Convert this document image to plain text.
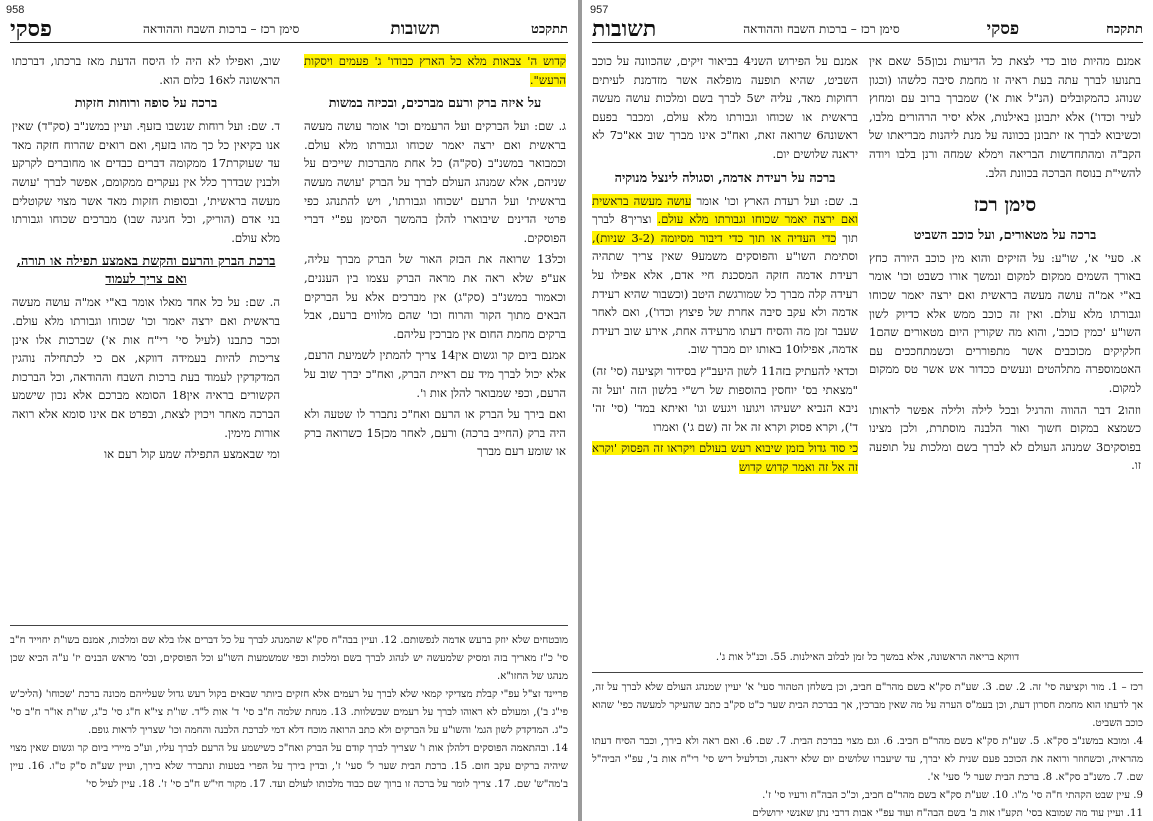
958
תתקכט
תשובות
סימן רכז – ברכות השבח וההודאה
פסקי

קדוש ה' צבאות מלא כל הארץ כבודו' ג' פעמים ויסקות הרעש".

על איזה ברק ורעם מברכים, ובכיזה במשות

ג. שם: ועל הברקים ועל הרעמים וכו' אומר עושה מעשה בראשית ואם ירצה יאמר שכוחו וגבורתו מלא עולם. וכמבואר במשנ"ב (סק"ה) כל אחת מהברכות שייכים על שניהם, אלא שמנהג העולם לברך על הברק 'עושה מעשה בראשית' ועל הרעם 'שכוחו וגבורתו', ויש להתנהג כפי פרטי הדינים שיבוארו להלן בהמשך הסימן עפ"י דברי הפוסקים.

וכל13 שרואה את הבזק האור של הברק מברך עליה, אע"פ שלא ראה את מראה הברק עצמו בין העננים, וכאמור במשנ"ב (סק"ג) אין מברכים אלא על הברקים הבאים מתוך הקור והרוח וכו' שהם מלווים ברעם, אבל ברקים מחמת החום אין מברכין עליהם.

אמנם ביום קר וגשום אין14 צריך להמתין לשמיעת הרעם, אלא יכול לברך מיד עם ראיית הברק, ואח"כ יברך שוב על הרעם, וכפי שמבואר להלן אות ו'.

ואם בירך על הברק או הרעם ואח"כ נתברר לו שטעה ולא היה ברק (החייב ברכה) ורעם, לאחר מכן15 כשרואה ברק או שומע רעם מברך

שוב, ואפילו לא היה לו היסח הדעת מאז ברכתו, דברכתו הראשונה לא16 כלום הוא.

ברכה על סופה ורוחות חזקות

ד. שם: ועל רוחות שנשבו בזעף. ועיין במשנ"ב (סק"ד) שאין אנו בקיאין כל כך מהו בזעף, ואם רואים שהרוח חזקה מאד עד שעוקרת17 ממקומה דברים כבדים או מחוברים לקרקע ולבנין שבדרך כלל אין נעקרים ממקומם, אפשר לברך 'עושה מעשה בראשית', ובסופות חזקות מאד אשר מצוי שקוטלים בני אדם (הוריק, וכל חגיגה שבו) מברכים שכוחו וגבורתו מלא עולם.

ברכת הברק והרעם והקשת באמצע תפילה או תורה, ואם צריך לעמוד

ה. שם: על כל אחד מאלו אומר בא"י אמ"ה עושה מעשה בראשית ואם ירצה יאמר וכו' שכוחו וגבורתו מלא עולם. וככר כתבנו (לעיל סי' רי"ח אות א') שברכות אלו אינן צריכות להיות בעמידה דווקא, אם כי לכתחילה נוהגין המדקדקין לעמוד בעת ברכות השבח וההודאה, וכל הברכות הקשורים בראיה אין18 הסומא מברכם אלא נכון שישמע הברכה מאחר ויכוין לצאת, ובפרט אם אינו סומא אלא רואה אורות מימין.

ומי שבאמצע התפילה שמע קול רעם או

מובטחים שלא יוזק ברעש אדמה לנפשותם. 12. ועיין בבה"ח סק"א שהמנהג לברך על כל דברים אלו בלא שם ומלכות, אמנם בשו"ת יחוייד ח"ב סי' כ"ז מאריך בזה ומסיק שלמעשה יש לנהוג לברך בשם ומלכות וכפי שמשמעות השו"ע וכל הפוסקים, ובס' מראש הבנים יז' ע"ה הביא שכן מנהגו של החזו"א.

פריינד זצ"ל עפ"י קבלת מצדיקי קמאי שלא לברך על רעמים אלא חזקים ביותר שבאים בקול רעש גדול שעלייהם מכונה ברכת 'שכוחו' (הליכ'ש פי"ג ב'), ומעולם לא ראוהו לברך על רעמים שבשלוות. 13. מנחת שלמה ח"ב סי' ד' אות ל"ד. שו"ת צי"א ח"ג סי' כ"ג, שו"ת או"ר ח"ב סי' כ"ג. המדקדק לשון הגמ' והשו"ע על הברקים ולא כתב הרואה מוכח דלא דמי לברכת הלבנה והחמה וכו' שצריך לראות גופם.

14. ובהתאמה הפוסקים דלהלן אות ו' שצריך לברך קודם על הברק ואח"כ כשישמע על הרעם לברך עליו, וע"כ מיירי ביום קר וגשום שאין מצוי שיהיה ברקים עקב חום. 15. ברכת הבית שער ל' סעי' ז', ובדין בירך על הפרי בטעות ונתברר שלא בירך, ועיין שע"ת ס"ק ט"ו. 16. עיין ב'מה"ש' שם. 17. צריך לומר על ברכה זו ברוך שם כבוד מלכותו לעולם ועד. 17. מקור חי"ש ח"ב סי' ז'. 18. עיין לעיל סי'

957
תתקכח
פסקי
סימן רכז – ברכות השבח וההודאה
תשובות

אמנם מהיות טוב כדי לצאת כל הדיעות נכון55 שאם אין בתנועו לברך עתה בעת ראיה זו מחמת סיבה כלשהו (וכגון שנוהג כהמקובלים (הנ"ל אות א') שמברך ברוב עם ומחוץ לעיר וכדו') אלא יתבונן באילנות, אלא יסיר הרהורים מלבו, וכשיבוא לברך אז יתבונן בכוונה על מנת ליהנות מבריאתו של הקב"ה ומהתחדשות הבריאה וימלא שמחה ורנן בלבו ויודה להשי"ת בנוסח הברכה בכוונת הלב.

סימן רכז
ברכה על מטאורים, ועל כוכב השביט

א. סעי' א', שו"ע: על הזיקים והוא מין כוכב היורה כחץ באורך השמים ממקום למקום ונמשך אורו כשבט וכו' אומר בא"י אמ"ה עושה מעשה בראשית ואם ירצה יאמר שכוחו וגבורתו מלא עולם. ואין זה כוכב ממש אלא כדיוק לשון השו"ע 'כמין כוכב', והוא מה שקורין היום מטאורים שהם1 חלקיקים מכוכבים אשר מתפוררים וכשמתחככים עם האטמוספרה מתלהטים ונעשים ככדור אש אשר טס ממקום למקום.

וזהו2 דבר ההווה והרגיל ובכל לילה ולילה אפשר לראותו כשמצא במקום חשוך ואור הלבנה מוסתרת, ולכן מצינו בפוסקים3 שמנהג העולם לא לברך בשם ומלכות על תופעה זו.

אמנם על הפירוש השני4 בביאור זיקים, שהכוונה על כוכב השביט, שהיא תופעה מופלאה אשר מזדמנת לעיתים רחוקות מאד, עליה יש5 לברך בשם ומלכות עושה מעשה בראשית או שכוחו וגבורתו מלא עולם, ומכבר בפעם ראשונה6 שרואה זאת, ואח"כ אינו מברך שוב אא"כ7 לא יראנה שלושים יום.

ברכה על רעידת אדמה, וסגולה לינצל מנוקיה

ב. שם: ועל רעדת הארץ וכו' אומר עושה מעשה בראשית ואם ירצה יאמר שכוחו וגבורתו מלא עולם. וצריך8 לברך תוך כדי העדיה או תוך כדי דיבור מסיומה (3-2 שניות), וסתימת השו"ע והפוסקים משמע9 שאין צריך שתהיה רעידת אדמה חזקה המסכנת חיי אדם, אלא אפילו על רעידה קלה מברך כל שמורגשת היטב (וכשבור שהיא רעידת אדמה ולא עקב סיבה אחרת של פיצוץ וכדו'), ואם לאחר שעבר זמן מה והסיח דעתו מרעידה אחת, אירע שוב רעידת אדמה, אפילו10 באותו יום מברך שוב.

וכדאי להעתיק בזה11 לשון היעב"ץ בסידור וקציעה (סי' זה) "מצאתי בס' יוחסין בהוספות של רש"י בלשון הזה 'ועל זה ניבא הנביא ישעיהו ויגועו ויגעש וגו' ואיתא במד' (סי' זה' ד'), וקרא פסוק וקרא זה אל זה (שם ג') ואמרו

כי סוד גדול בזמן שיבוא רעש בעולם ויקראו זה הפסוק 'וקרא זה אל זה ואמר קדוש קדוש

דווקא בריאה הראשונה, אלא במשך כל זמן לבלוב האילנות. 55. וכנ"ל אות ג'.

רכז – 1. מור וקציעה סי' זה. 2. שם. 3. שע"ת סק"א בשם מהר"ם חביב, וכן בשלחן הטהור סעי' א' יעיין שמנהג העולם שלא לברך על זה, אך לדעתו הוא מחמת חסרון דעת, וכן בעמ"ס הערה על מה שאין מברכין, אך בברכת הבית שער כ"ט סק"ב כתב שהעיקר למעשה כפי' שהוא כוכב השביט.

4. ומובא במשנ"ב סק"א. 5. שע"ת סק"א בשם מהר"ם חביב. 6. וגם מצוי בברכת הבית. 7. שם. 6. ואם ראה ולא בירך, וכבר הסיח דעתו מהראיה, וכשחוזר ורואה את הכוכב פעם שנית לא יברך, עד שיעברו שלושים יום שלא יראנה, וכדלעיל ריש סי' רי"ח אות ב', עפ"י הביה"ל שם. 7. משנ"ב סק"א. 8. ברכת הבית שער ל' סעי' א'.

9. עיין שבט הקהתי ח"ה סי' מ"ו. 10. שע"ת סק"א בשם מהר"ם חביב, וכ"כ הבה"ח ורעיו סי' ז'.

11. ועיין עוד מה שמובא בסי' תקע"ו אות ב' בשם הבה"ח ועוד עפ"י אבות דרבי נתן שאנשי ירושלים
